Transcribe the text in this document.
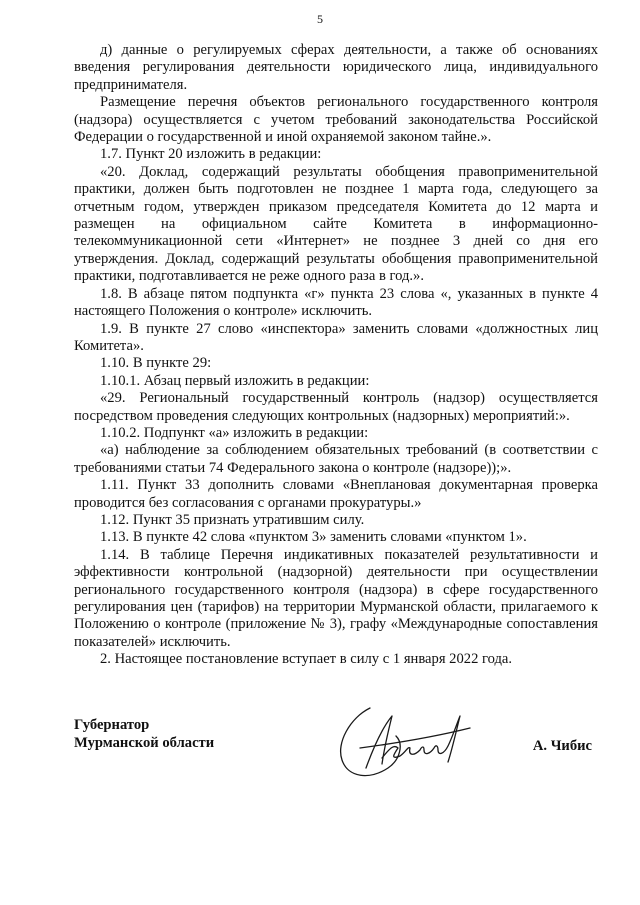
5

д) данные о регулируемых сферах деятельности, а также об основаниях введения регулирования деятельности юридического лица, индивидуального предпринимателя.

Размещение перечня объектов регионального государственного контроля (надзора) осуществляется с учетом требований законодательства Российской Федерации о государственной и иной охраняемой законом тайне.».

1.7. Пункт 20 изложить в редакции:

«20. Доклад, содержащий результаты обобщения правоприменительной практики, должен быть подготовлен не позднее 1 марта года, следующего за отчетным годом, утвержден приказом председателя Комитета до 12 марта и размещен на официальном сайте Комитета в информационно-телекоммуникационной сети «Интернет» не позднее 3 дней со дня его утверждения. Доклад, содержащий результаты обобщения правоприменительной практики, подготавливается не реже одного раза в год.».

1.8. В абзаце пятом подпункта «г» пункта 23 слова «, указанных в пункте 4 настоящего Положения о контроле» исключить.

1.9. В пункте 27 слово «инспектора» заменить словами «должностных лиц Комитета».

1.10. В пункте 29:

1.10.1. Абзац первый изложить в редакции:

«29. Региональный государственный контроль (надзор) осуществляется посредством проведения следующих контрольных (надзорных) мероприятий:».

1.10.2. Подпункт «а» изложить в редакции:

«а) наблюдение за соблюдением обязательных требований (в соответствии с требованиями статьи 74 Федерального закона о контроле (надзоре));».

1.11. Пункт 33 дополнить словами «Внеплановая документарная проверка проводится без согласования с органами прокуратуры.»

1.12. Пункт 35 признать утратившим силу.

1.13. В пункте 42 слова «пунктом 3» заменить словами «пунктом 1».

1.14. В таблице Перечня индикативных показателей результативности и эффективности контрольной (надзорной) деятельности при осуществлении регионального государственного контроля (надзора) в сфере государственного регулирования цен (тарифов) на территории Мурманской области, прилагаемого к Положению о контроле (приложение № 3), графу «Международные сопоставления показателей» исключить.

2. Настоящее постановление вступает в силу с 1 января 2022 года.

Губернатор
Мурманской области	А. Чибис
